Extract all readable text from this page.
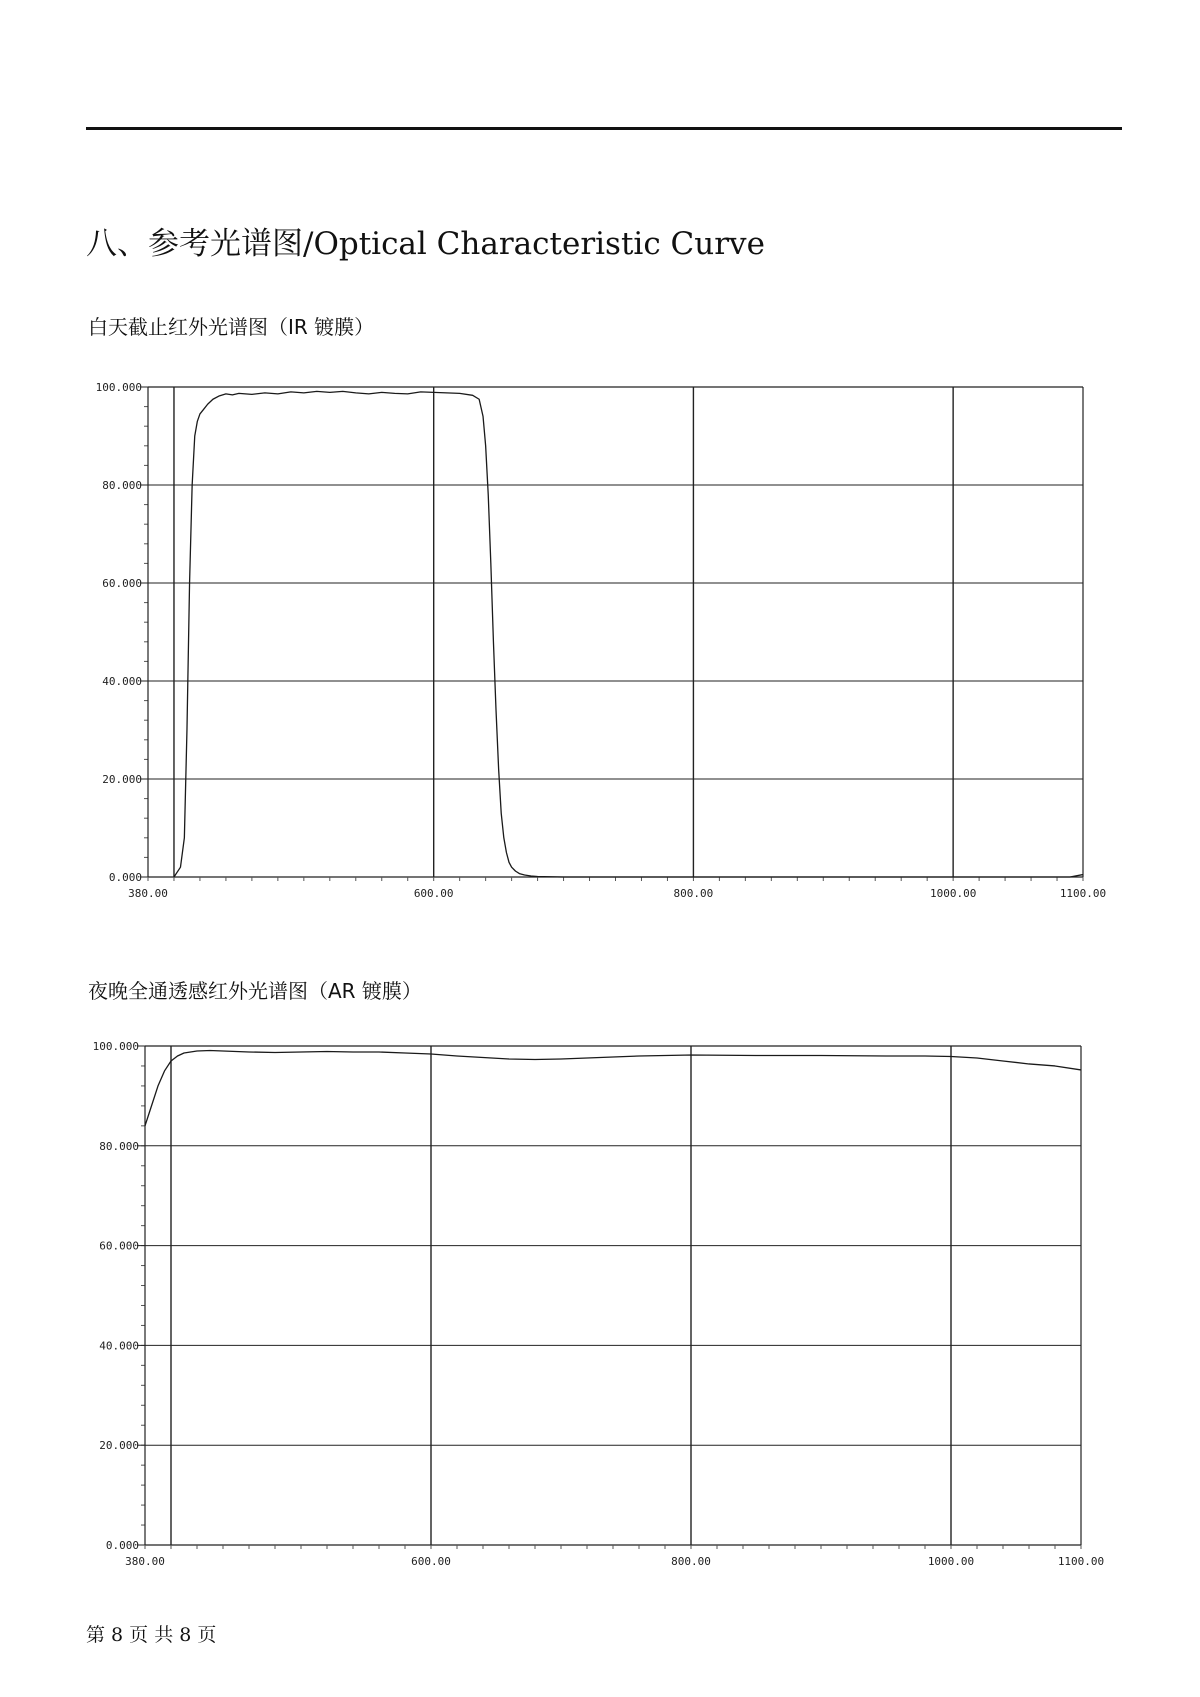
八、参考光谱图/Optical Characteristic Curve
白天截止红外光谱图（IR 镀膜）
0.000
20.000
40.000
60.000
80.000
100.000
380.00	600.00	800.00	1000.00	1100.00
夜晚全通透感红外光谱图（AR 镀膜）
0.000
20.000
40.000
60.000
80.000
100.000
380.00	600.00	800.00	1000.00	1100.00
第 8 页 共 8 页
